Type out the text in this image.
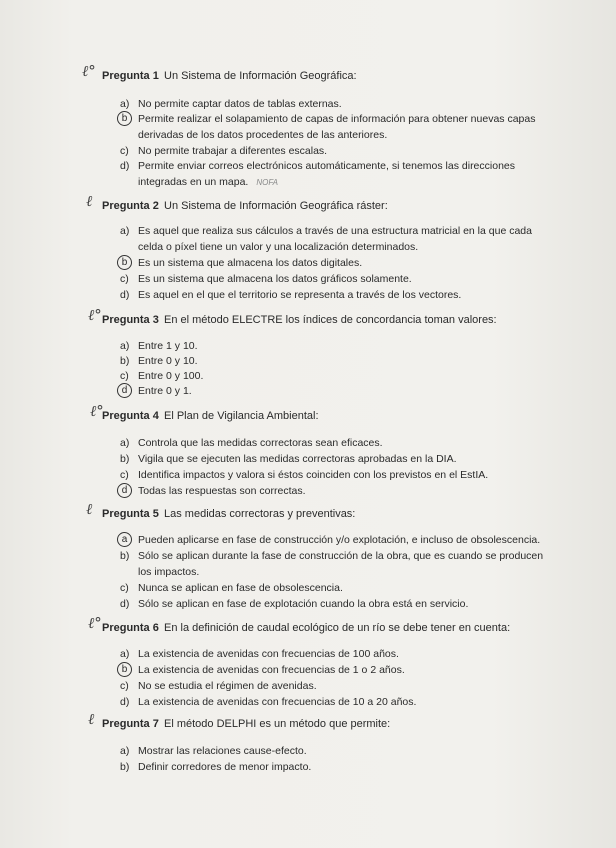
ℓ° Pregunta 1 Un Sistema de Información Geográfica:
a) No permite captar datos de tablas externas.
b	Permite realizar el solapamiento de capas de información para obtener nuevas capas
derivadas de los datos procedentes de las anteriores.
c) No permite trabajar a diferentes escalas.
d) Permite enviar correos electrónicos automáticamente, si tenemos las direcciones
integradas en un mapa. NOFA
ℓ Pregunta 2 Un Sistema de Información Geográfica ráster:
a) Es aquel que realiza sus cálculos a través de una estructura matricial en la que cada
celda o píxel tiene un valor y una localización determinados.
b	Es un sistema que almacena los datos digitales.
c) Es un sistema que almacena los datos gráficos solamente.
d) Es aquel en el que el territorio se representa a través de los vectores.
ℓ° Pregunta 3 En el método ELECTRE los índices de concordancia toman valores:
a) Entre 1 y 10.
b) Entre 0 y 10.
c) Entre 0 y 100.
d	Entre 0 y 1.
ℓ°
Pregunta 4 El Plan de Vigilancia Ambiental:
a) Controla que las medidas correctoras sean eficaces.
b) Vigila que se ejecuten las medidas correctoras aprobadas en la DIA.
c) Identifica impactos y valora si éstos coinciden con los previstos en el EstIA.
d	Todas las respuestas son correctas.
ℓ Pregunta 5 Las medidas correctoras y preventivas:
a	Pueden aplicarse en fase de construcción y/o explotación, e incluso de obsolescencia.
b) Sólo se aplican durante la fase de construcción de la obra, que es cuando se producen
los impactos.
c) Nunca se aplican en fase de obsolescencia.
d) Sólo se aplican en fase de explotación cuando la obra está en servicio.
ℓ° Pregunta 6 En la definición de caudal ecológico de un río se debe tener en cuenta:
a) La existencia de avenidas con frecuencias de 100 años.
b	La existencia de avenidas con frecuencias de 1 o 2 años.
c) No se estudia el régimen de avenidas.
d) La existencia de avenidas con frecuencias de 10 a 20 años.
ℓ Pregunta 7 El método DELPHI es un método que permite:
a) Mostrar las relaciones cause-efecto.
b) Definir corredores de menor impacto.
